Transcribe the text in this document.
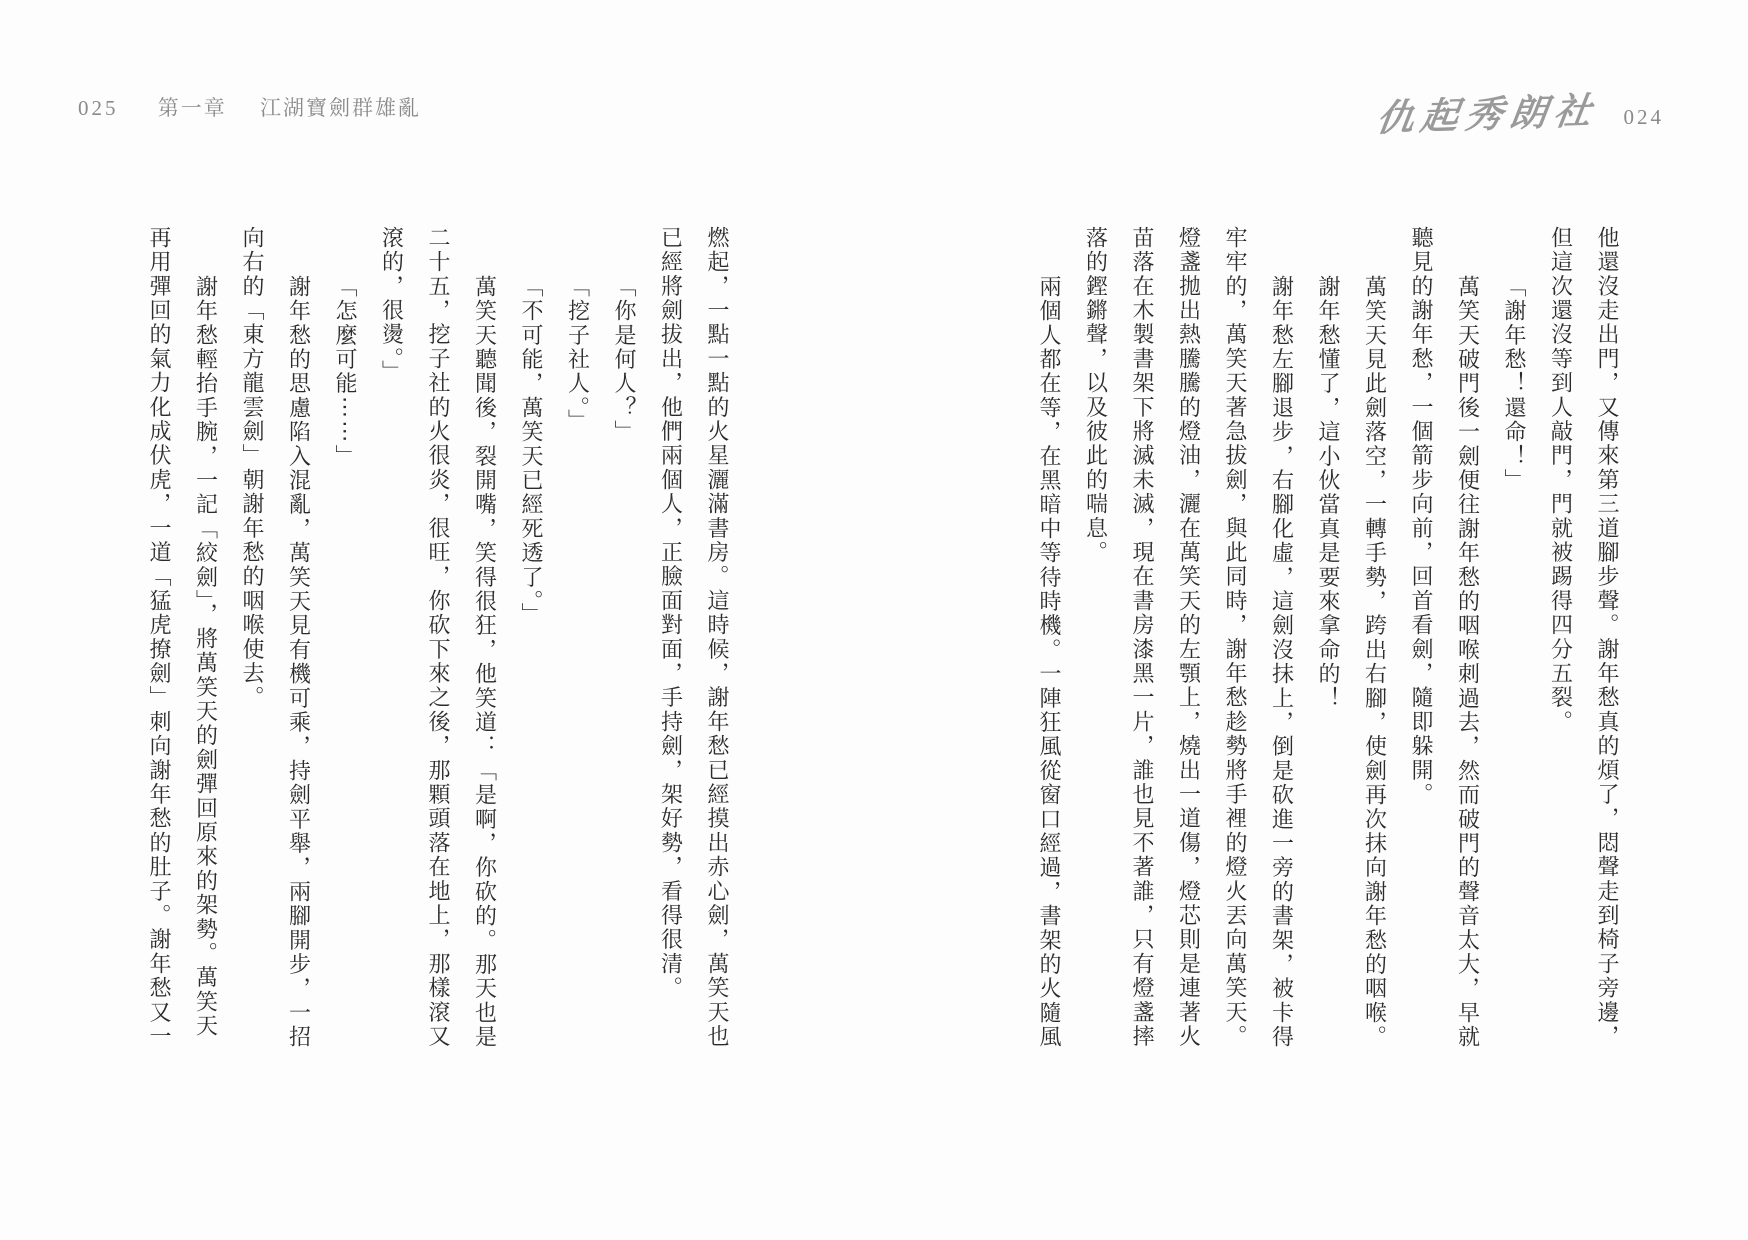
025 第一章 江湖寶劍群雄亂	仇起秀朗社 024

他還沒走出門，又傳來第三道腳步聲。謝年愁真的煩了，悶聲走到椅子旁邊，

但這次還沒等到人敲門，門就被踢得四分五裂。

「謝年愁！還命！」

萬笑天破門後一劍便往謝年愁的咽喉刺過去，然而破門的聲音太大，早就

聽見的謝年愁，一個箭步向前，回首看劍，隨即躲開。

萬笑天見此劍落空，一轉手勢，跨出右腳，使劍再次抹向謝年愁的咽喉。

謝年愁懂了，這小伙當真是要來拿命的！

謝年愁左腳退步，右腳化虛，這劍沒抹上，倒是砍進一旁的書架，被卡得

牢牢的，萬笑天著急拔劍，與此同時，謝年愁趁勢將手裡的燈火丟向萬笑天。

燈盞拋出熱騰騰的燈油，灑在萬笑天的左顎上，燒出一道傷，燈芯則是連著火

苗落在木製書架下將滅未滅，現在書房漆黑一片，誰也見不著誰，只有燈盞摔

落的鏗鏘聲，以及彼此的喘息。

兩個人都在等，在黑暗中等待時機。一陣狂風從窗口經過，書架的火隨風

燃起，一點一點的火星灑滿書房。這時候，謝年愁已經摸出赤心劍，萬笑天也

已經將劍拔出，他們兩個人，正臉面對面，手持劍，架好勢，看得很清。

「你是何人？」

「挖子社人。」

「不可能，萬笑天已經死透了。」

萬笑天聽聞後，裂開嘴，笑得很狂，他笑道：「是啊，你砍的。那天也是

二十五，挖子社的火很炎，很旺，你砍下來之後，那顆頭落在地上，那樣滾又

滾的，很燙。」

「怎麼可能⋯⋯」

謝年愁的思慮陷入混亂，萬笑天見有機可乘，持劍平舉，兩腳開步，一招

向右的「東方龍雲劍」朝謝年愁的咽喉使去。

謝年愁輕抬手腕，一記「絞劍」，將萬笑天的劍彈回原來的架勢。萬笑天

再用彈回的氣力化成伏虎，一道「猛虎撩劍」刺向謝年愁的肚子。謝年愁又一
